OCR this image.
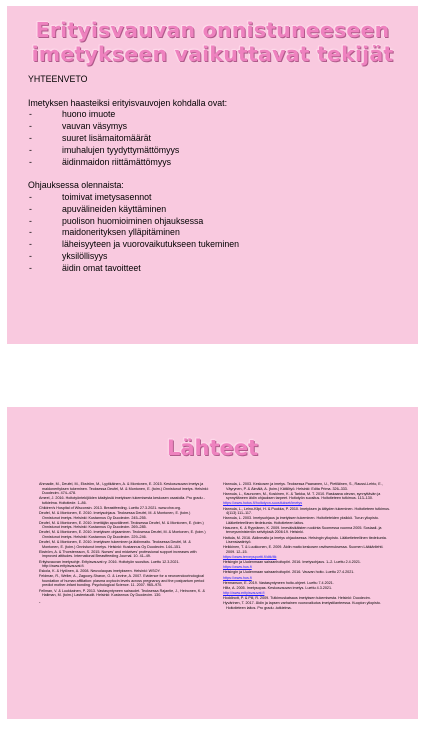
Erityisvauvan onnistuneeseen imetykseen vaikuttavat tekijät

YHTEENVETO

Imetyksen haasteiksi erityisvauvojen kohdalla ovat:

- huono imuote
- vauvan väsymys
- suuret lisämaitomäärät
- imuhalujen tyydyttymättömyys
- äidinmaidon riittämättömyys

Ohjauksessa olennaista:

- toimivat imetysasennot
- apuvälineiden käyttäminen
- puolison huomioiminen ohjauksessa
- maidonerityksen ylläpitäminen
- läheisyyteen ja vuorovaikutukseen tukeminen
- yksilöllisyys
- äidin omat tavoitteet
Lähteet

Ahmadie, M., Deufel, M., Ekström, M., Lyytikäinen, A. & Montonen, E. 2015. Keskosvauvan imetys ja maidonerityksen tukeminen. Teoksessa Deufel, M. & Montonen, E. (toim.) Onnistunut imetys. Helsinki: Duodecim. 474–478.

Ameel, J. 2016. Hoitotyöntekijöiden käsityksiä imetyksen tukemisesta keskosen osastolla. Pro gradu -tutkielma. Hoitotiede. 1–86.

Children's Hospital of Wisconsin. 2013. Breastfeeding. Luettu 27.3.2021. www.chw.org.

Deufel, M. & Montonen, E. 2010. Imetysohjaus. Teoksessa Deufel, M. & Montonen, E. (toim.) Onnistunut imetys. Helsinki: Kustannus Oy Duodecim. 245–255.

Deufel, M. & Montonen, E. 2010. Imettäjän apuvälineet. Teoksessa Deufel, M. & Montonen, E. (toim.) Onnistunut imetys. Helsinki: Kustannus Oy Duodecim. 269–285.

Deufel, M. & Montonen, E. 2010. Imetyksen ohjaaminen. Teoksessa Deufel, M. & Montonen, E. (toim.) Onnistunut imetys. Helsinki: Kustannus Oy Duodecim. 229–246.

Deufel, M. & Montonen, E. 2010. Imetyksen tukeminen ja äidinmaito. Teoksessa Deufel, M. & Montonen, E. (toim.) Onnistunut imetys. Helsinki: Kustannus Oy Duodecim. 144–151.

Ekström, A. & Thorstensson, S. 2015. Nurses' and midwives' professional support increases with improved attitudes. International Breastfeeding Journal. 10. 41–49.

Erityisvauvan imetysohje. Erityisvauvat ry. 2016. Hoitotyön suositus. Luettu 12.3.2021. http://www.erityisvauvat.fi.

Eskola, K. & Hytönen, A. 2008. Neuvolaopas imetykseen. Helsinki: WSOY.

Feldman, R., Weller, A., Zagoory-Sharon, O. & Levine, A. 2007. Evidence for a neuroendocrinological foundation of human affiliation: plasma oxytocin levels across pregnancy and the postpartum period predict mother-infant bonding. Psychological Science. 11. 2007. 965–970.

Fellman, V. & Luukkainen, P. 2013. Vastasyntyneen sairaudet. Teoksessa Rajantie, J., Heinonen, K. & Hallman, M. (toim.) Lastentaudit. Helsinki: Kustannus Oy Duodecim. 130.

.

Hannula, L. 2003. Keskosen ja imetys. Teoksessa Paananen, U., Pietiläinen, S., Raussi-Lehto, E., Väyrynen, P. & Äimälä, A. (toim.) Kätilötyö. Helsinki: Edita Prima. 326–333.

Hannula, L., Kaunonen, M., Koskinen, K. & Tarkka, M. T. 2010. Raskaana olevan, synnyttävän ja synnyttäneen äidin ohjauksen tarpeet. Hoitotyön suositus. Hoitotieteen tutkimus. 113–130.

https://www.hotus.fi/hoitotyon-suositukset/imetys

Hannula, L., Leino-Kilpi, H. & Puukka, P. 2010. Imetyksen ja äitiyden tukeminen. Hoitotieteen tutkimus. 4(113) 111–117.

Hannula, L. 2003. Imetysohjaus ja imetyksen tukeminen. Hoitotieteiden yksikkö. Turun yliopisto. Lääketieteellinen tiedekunta. Hoitotieteen laitos.

Hasunen, K. & Ryynänen, K. 2009. Imeväisikäisten ruokinta Suomessa vuonna 2005. Sosiaali- ja terveysministeriön selvityksiä 2006:19. Helsinki.

Hattula, M. 2016. Äidinmaito ja imetys ohjauksessa. Helsingin yliopisto. Lääketieteellinen tiedekunta. Lisensiaatintyö.

Heikkinen, T. & Luukkonen, E. 2009. Äidin maito keskosen ravitsemuksessa. Suomen Lääkärilehti. 2009. 12–15.

https://www.terveysportti.fi/dtk/ltk

Helsingin ja Uudenmaan sairaanhoitopiiri. 2016. Imetysohjaus. 1–2. Luettu 2.4.2021.

https://www.hus.fi

Helsingin ja Uudenmaan sairaanhoitopiiri. 2016. Vauvan hoito. Luettu 27.4.2021.

https://www.hus.fi

Hermanson, E. 2019. Vastasyntyneen hoito-ohjeet. Luettu 7.4.2021.

Hiltz, A. 2005. Imetysopas. Keskosvauvan imetys. Luettu 4.3.2021.

http://www.erityisvauvat.fi

Hoddinott, P. & Pill, R. 2009. Tutkimuskatsaus imetyksen tukemisesta. Helsinki: Duodecim.

Hyvärinen, T. 2017. Äidin ja lapsen varhainen vuorovaikutus imetystilanteessa. Kuopion yliopisto. Hoitotieteen laitos. Pro gradu -tutkielma.
